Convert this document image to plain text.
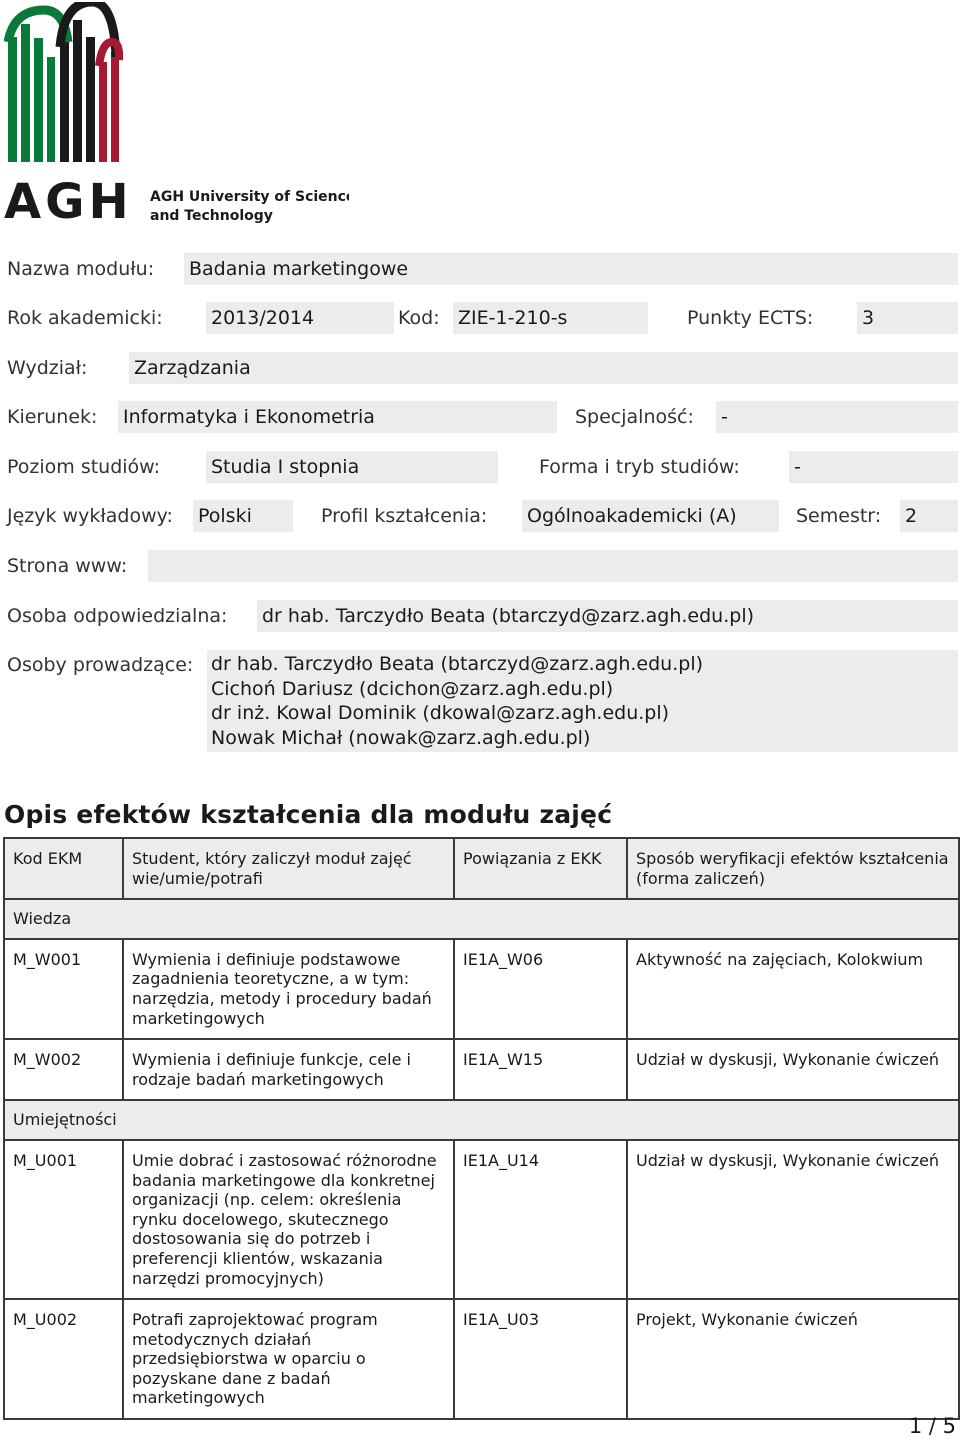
AGH AGH University of Science
and Technology
Nazwa modułu: Badania marketingowe
Rok akademicki:	2013/2014	Kod: ZIE-1-210-s	Punkty ECTS:	3
Wydział: Zarządzania
Kierunek: Informatyka i Ekonometria	Specjalność: -
Poziom studiów:	Studia I stopnia	Forma i tryb studiów:	-
Język wykładowy: Polski	Profil kształcenia: Ogólnoakademicki (A)	Semestr: 2
Strona www:
Osoba odpowiedzialna: dr hab. Tarczydło Beata (btarczyd@zarz.agh.edu.pl)
Osoby prowadzące: dr hab. Tarczydło Beata (btarczyd@zarz.agh.edu.pl)
Cichoń Dariusz (dcichon@zarz.agh.edu.pl)
dr inż. Kowal Dominik (dkowal@zarz.agh.edu.pl)
Nowak Michał (nowak@zarz.agh.edu.pl)
Opis efektów kształcenia dla modułu zajęć
Kod EKM	Student, który zaliczył moduł zajęć wie/umie/potrafi	Powiązania z EKK	Sposób weryfikacji efektów kształcenia (forma zaliczeń)
Wiedza			
M_W001	Wymienia i definiuje podstawowe zagadnienia teoretyczne, a w tym: narzędzia, metody i procedury badań marketingowych	IE1A_W06	Aktywność na zajęciach, Kolokwium
M_W002	Wymienia i definiuje funkcje, cele i rodzaje badań marketingowych	IE1A_W15	Udział w dyskusji, Wykonanie ćwiczeń
Umiejętności			
M_U001	Umie dobrać i zastosować różnorodne badania marketingowe dla konkretnej organizacji (np. celem: określenia rynku docelowego, skutecznego dostosowania się do potrzeb i preferencji klientów, wskazania narzędzi promocyjnych)	IE1A_U14	Udział w dyskusji, Wykonanie ćwiczeń
M_U002	Potrafi zaprojektować program metodycznych działań przedsiębiorstwa w oparciu o pozyskane dane z badań marketingowych	IE1A_U03	Projekt, Wykonanie ćwiczeń
1 / 5
